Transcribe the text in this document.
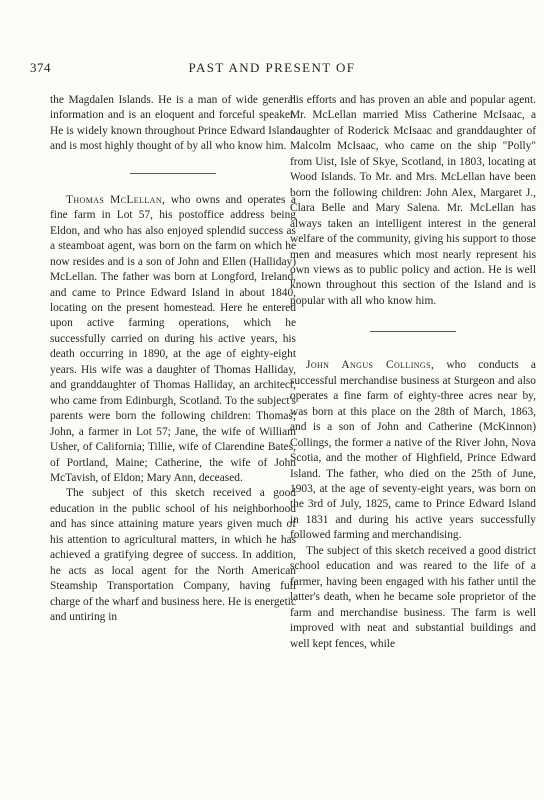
374	PAST AND PRESENT OF

the Magdalen Islands. He is a man of wide general information and is an eloquent and forceful speaker. He is widely known throughout Prince Edward Island and is most highly thought of by all who know him.

Thomas McLellan, who owns and operates a fine farm in Lot 57, his postoffice address being Eldon, and who has also enjoyed splendid success as a steamboat agent, was born on the farm on which he now resides and is a son of John and Ellen (Halliday) McLellan. The father was born at Longford, Ireland, and came to Prince Edward Island in about 1840, locating on the present homestead. Here he entered upon active farming operations, which he successfully carried on during his active years, his death occurring in 1890, at the age of eighty-eight years. His wife was a daughter of Thomas Halliday, and granddaughter of Thomas Halliday, an architect, who came from Edinburgh, Scotland. To the subject's parents were born the following children: Thomas; John, a farmer in Lot 57; Jane, the wife of William Usher, of California; Tillie, wife of Clarendine Bates, of Portland, Maine; Catherine, the wife of John McTavish, of Eldon; Mary Ann, deceased.

The subject of this sketch received a good education in the public school of his neighborhood and has since attaining mature years given much of his attention to agricultural matters, in which he has achieved a gratifying degree of success. In addition, he acts as local agent for the North American Steamship Transportation Company, having full charge of the wharf and business here. He is energetic and untiring in

his efforts and has proven an able and popular agent. Mr. McLellan married Miss Catherine McIsaac, a daughter of Roderick McIsaac and granddaughter of Malcolm McIsaac, who came on the ship "Polly" from Uist, Isle of Skye, Scotland, in 1803, locating at Wood Islands. To Mr. and Mrs. McLellan have been born the following children: John Alex, Margaret J., Clara Belle and Mary Salena. Mr. McLellan has always taken an intelligent interest in the general welfare of the community, giving his support to those men and measures which most nearly represent his own views as to public policy and action. He is well known throughout this section of the Island and is popular with all who know him.

John Angus Collings, who conducts a successful merchandise business at Sturgeon and also operates a fine farm of eighty-three acres near by, was born at this place on the 28th of March, 1863, and is a son of John and Catherine (McKinnon) Collings, the former a native of the River John, Nova Scotia, and the mother of Highfield, Prince Edward Island. The father, who died on the 25th of June, 1903, at the age of seventy-eight years, was born on the 3rd of July, 1825, came to Prince Edward Island in 1831 and during his active years successfully followed farming and merchandising.

The subject of this sketch received a good district school education and was reared to the life of a farmer, having been engaged with his father until the latter's death, when he became sole proprietor of the farm and merchandise business. The farm is well improved with neat and substantial buildings and well kept fences, while
